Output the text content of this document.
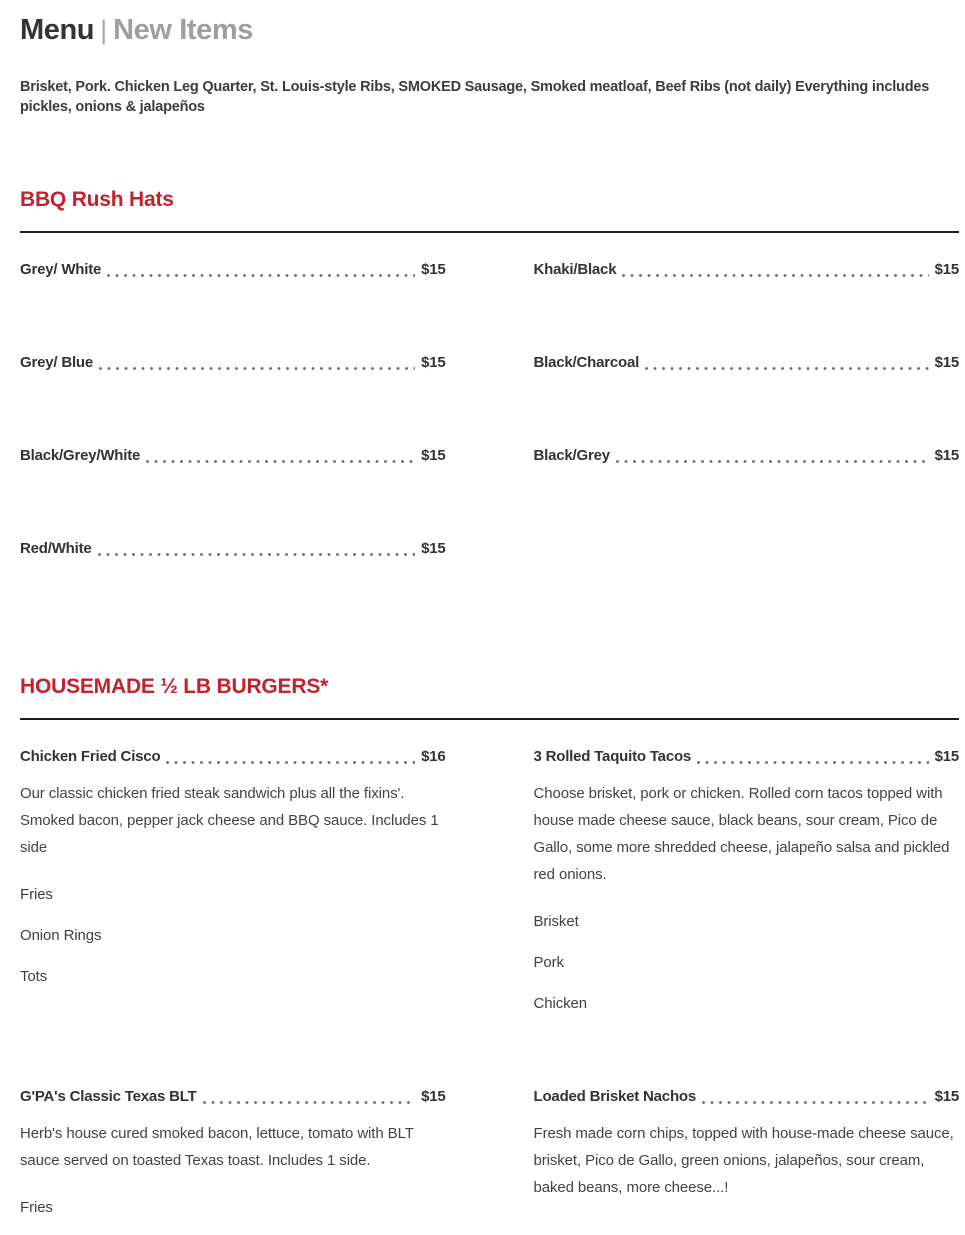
Menu | New Items

Brisket, Pork. Chicken Leg Quarter, St. Louis-style Ribs, SMOKED Sausage, Smoked meatloaf, Beef Ribs (not daily) Everything includes pickles, onions & jalapeños

BBQ Rush Hats
Grey/ White	$15	Khaki/Black	$15
Grey/ Blue	$15	Black/Charcoal	$15
Black/Grey/White	$15	Black/Grey	$15
Red/White	$15
HOUSEMADE ½ LB BURGERS*
Chicken Fried Cisco	$16

Our classic chicken fried steak sandwich plus all the fixins'. Smoked bacon, pepper jack cheese and BBQ sauce. Includes 1 side

Fries
Onion Rings
Tots
3 Rolled Taquito Tacos	$15

Choose brisket, pork or chicken. Rolled corn tacos topped with house made cheese sauce, black beans, sour cream, Pico de Gallo, some more shredded cheese, jalapeño salsa and pickled red onions.

Brisket
Pork
Chicken
G'PA's Classic Texas BLT	$15

Herb's house cured smoked bacon, lettuce, tomato with BLT sauce served on toasted Texas toast. Includes 1 side.

Fries
Loaded Brisket Nachos	$15

Fresh made corn chips, topped with house-made cheese sauce, brisket, Pico de Gallo, green onions, jalapeños, sour cream, baked beans, more cheese...!
